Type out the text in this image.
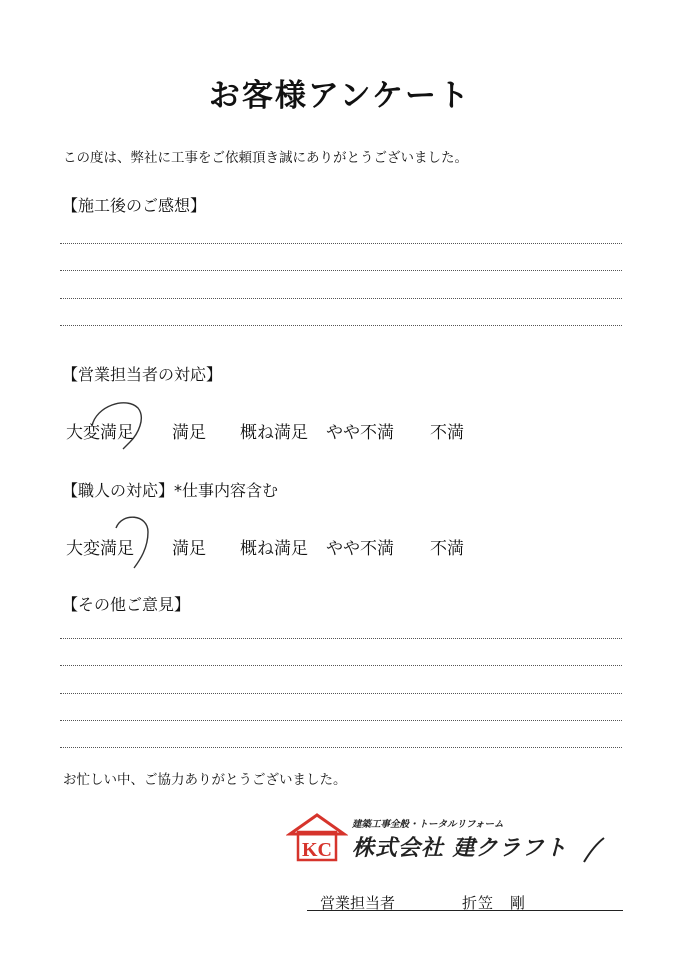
お客様アンケート
この度は、弊社に工事をご依頼頂き誠にありがとうございました。
【施工後のご感想】
【営業担当者の対応】
大変満足 満足 概ね満足 やや不満 不満
【職人の対応】*仕事内容含む
大変満足 満足 概ね満足 やや不満 不満
【その他ご意見】
お忙しい中、ご協力ありがとうございました。
KC
建築工事全般・トータルリフォーム
株式会社 建クラフト
営業担当者	折笠　剛
